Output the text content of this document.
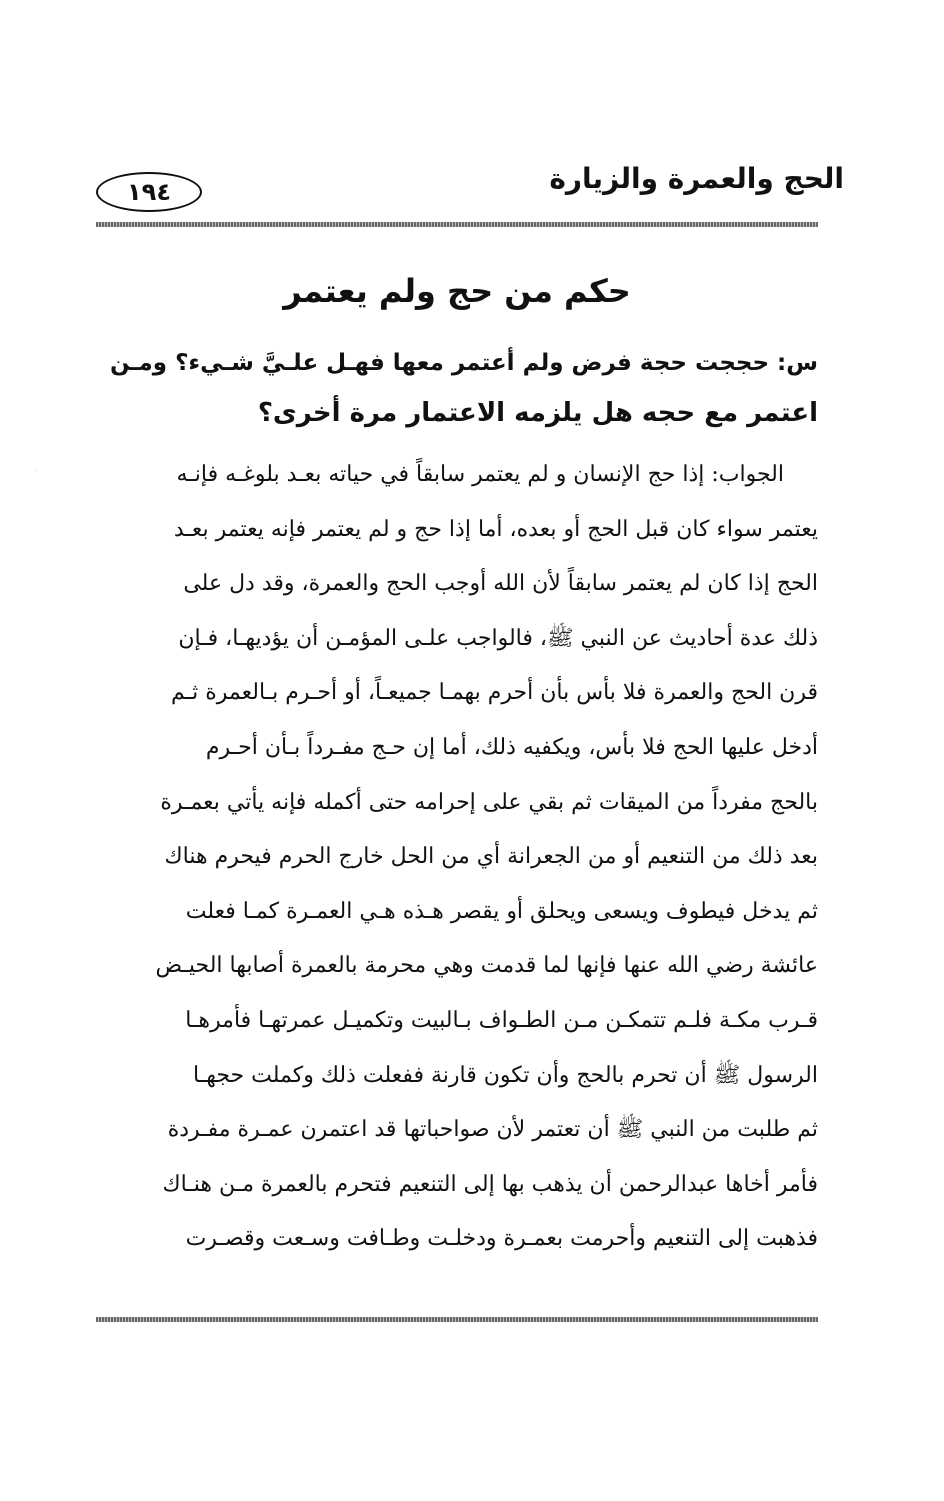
الحج والعمرة والزيارة
١٩٤
حكم من حج ولم يعتمر
س: حججت حجة فرض ولم أعتمر معها فهـل علـيَّ شـيء؟ ومـن
اعتمر مع حجه هل يلزمه الاعتمار مرة أخرى؟
الجواب: إذا حج الإنسان و لم يعتمر سابقاً في حياته بعـد بلوغـه فإنـه
يعتمر سواء كان قبل الحج أو بعده، أما إذا حج و لم يعتمر فإنه يعتمر بعـد
الحج إذا كان لم يعتمر سابقاً لأن الله أوجب الحج والعمرة، وقد دل على
ذلك عدة أحاديث عن النبي ﷺ، فالواجب علـى المؤمـن أن يؤديهـا، فـإن
قرن الحج والعمرة فلا بأس بأن أحرم بهمـا جميعـاً، أو أحـرم بـالعمرة ثـم
أدخل عليها الحج فلا بأس، ويكفيه ذلك، أما إن حـج مفـرداً بـأن أحـرم
بالحج مفرداً من الميقات ثم بقي على إحرامه حتى أكمله فإنه يأتي بعمـرة
بعد ذلك من التنعيم أو من الجعرانة أي من الحل خارج الحرم فيحرم هناك
ثم يدخل فيطوف ويسعى ويحلق أو يقصر هـذه هـي العمـرة كمـا فعلت
عائشة رضي الله عنها فإنها لما قدمت وهي محرمة بالعمرة أصابها الحيـض
قـرب مكـة فلـم تتمكـن مـن الطـواف بـالبيت وتكميـل عمرتهـا فأمرهـا
الرسول ﷺ أن تحرم بالحج وأن تكون قارنة ففعلت ذلك وكملت حجهـا
ثم طلبت من النبي ﷺ أن تعتمر لأن صواحباتها قد اعتمرن عمـرة مفـردة
فأمر أخاها عبدالرحمن أن يذهب بها إلى التنعيم فتحرم بالعمرة مـن هنـاك
فذهبت إلى التنعيم وأحرمت بعمـرة ودخلـت وطـافت وسـعت وقصـرت
